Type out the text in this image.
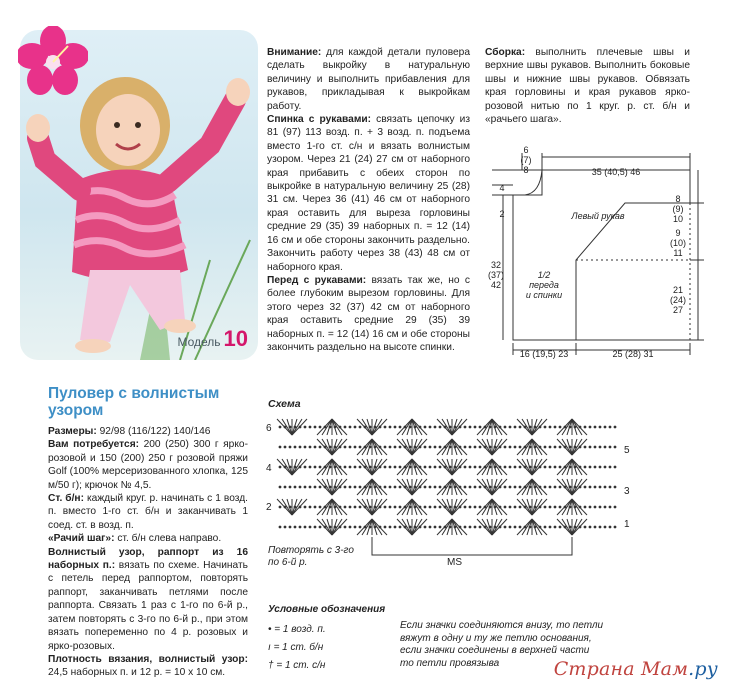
Модель 10
Пуловер с волнистым
узором

Размеры: 92/98 (116/122) 140/146

Вам потребуется: 200 (250) 300 г ярко-розовой и 150 (200) 250 г розовой пряжи Golf (100% мерсеризованного хлопка, 125 м/50 г); крючок № 4,5.

Ст. б/н: каждый круг. р. начинать с 1 возд. п. вместо 1-го ст. б/н и заканчивать 1 соед. ст. в возд. п.

«Рачий шаг»: ст. б/н слева направо.

Волнистый узор, раппорт из 16 наборных п.: вязать по схеме. Начинать с петель перед раппортом, повторять раппорт, заканчивать петлями после раппорта. Связать 1 раз с 1-го по 6-й р., затем повторять с 3-го по 6-й р., при этом вязать попеременно по 4 р. розовых и ярко-розовых.

Плотность вязания, волнистый узор: 24,5 наборных п. и 12 р. = 10 х 10 см.

Внимание: для каждой детали пуловера сделать выкройку в натуральную величину и выполнить прибавления для рукавов, прикладывая к выкройкам работу.

Спинка с рукавами: связать цепочку из 81 (97) 113 возд. п. + 3 возд. п. подъема вместо 1-го ст. с/н и вязать волнистым узором. Через 21 (24) 27 см от наборного края прибавить с обеих сторон по выкройке в натуральную величину 25 (28) 31 см. Через 36 (41) 46 см от наборного края оставить для выреза горловины средние 29 (35) 39 наборных п. = 12 (14) 16 см и обе стороны закончить раздельно. Закончить работу через 38 (43) 48 см от наборного края.

Перед с рукавами: вязать так же, но с более глубоким вырезом горловины. Для этого через 32 (37) 42 см от наборного края оставить средние 29 (35) 39 наборных п. = 12 (14) 16 см и обе стороны закончить раздельно на высоте спинки.

Сборка: выполнить плечевые швы и верхние швы рукавов. Выполнить боковые швы и нижние швы рукавов. Обвязать края горловины и края рукавов ярко-розовой нитью по 1 круг. р. ст. б/н и «рачьего шага».

6
(7)
8	35 (40,5) 46
4
2
32
(37)
42
Левый рукав
1/2
переда
и спинки
8
(9)
10
9
(10)
11
21
(24)
27
16 (19,5) 23	25 (28) 31
Схема
6
4
2
5
3
1
MS
Повторять с 3-го
по 6-й р.
Условные обозначения
• = 1 возд. п.
ı = 1 ст. б/н
† = 1 ст. с/н
Если значки соединяются внизу, то петли
вяжут в одну и ту же петлю основания,
если значки соединены в верхней части
то петли провязыва	Страна Мам.ру
